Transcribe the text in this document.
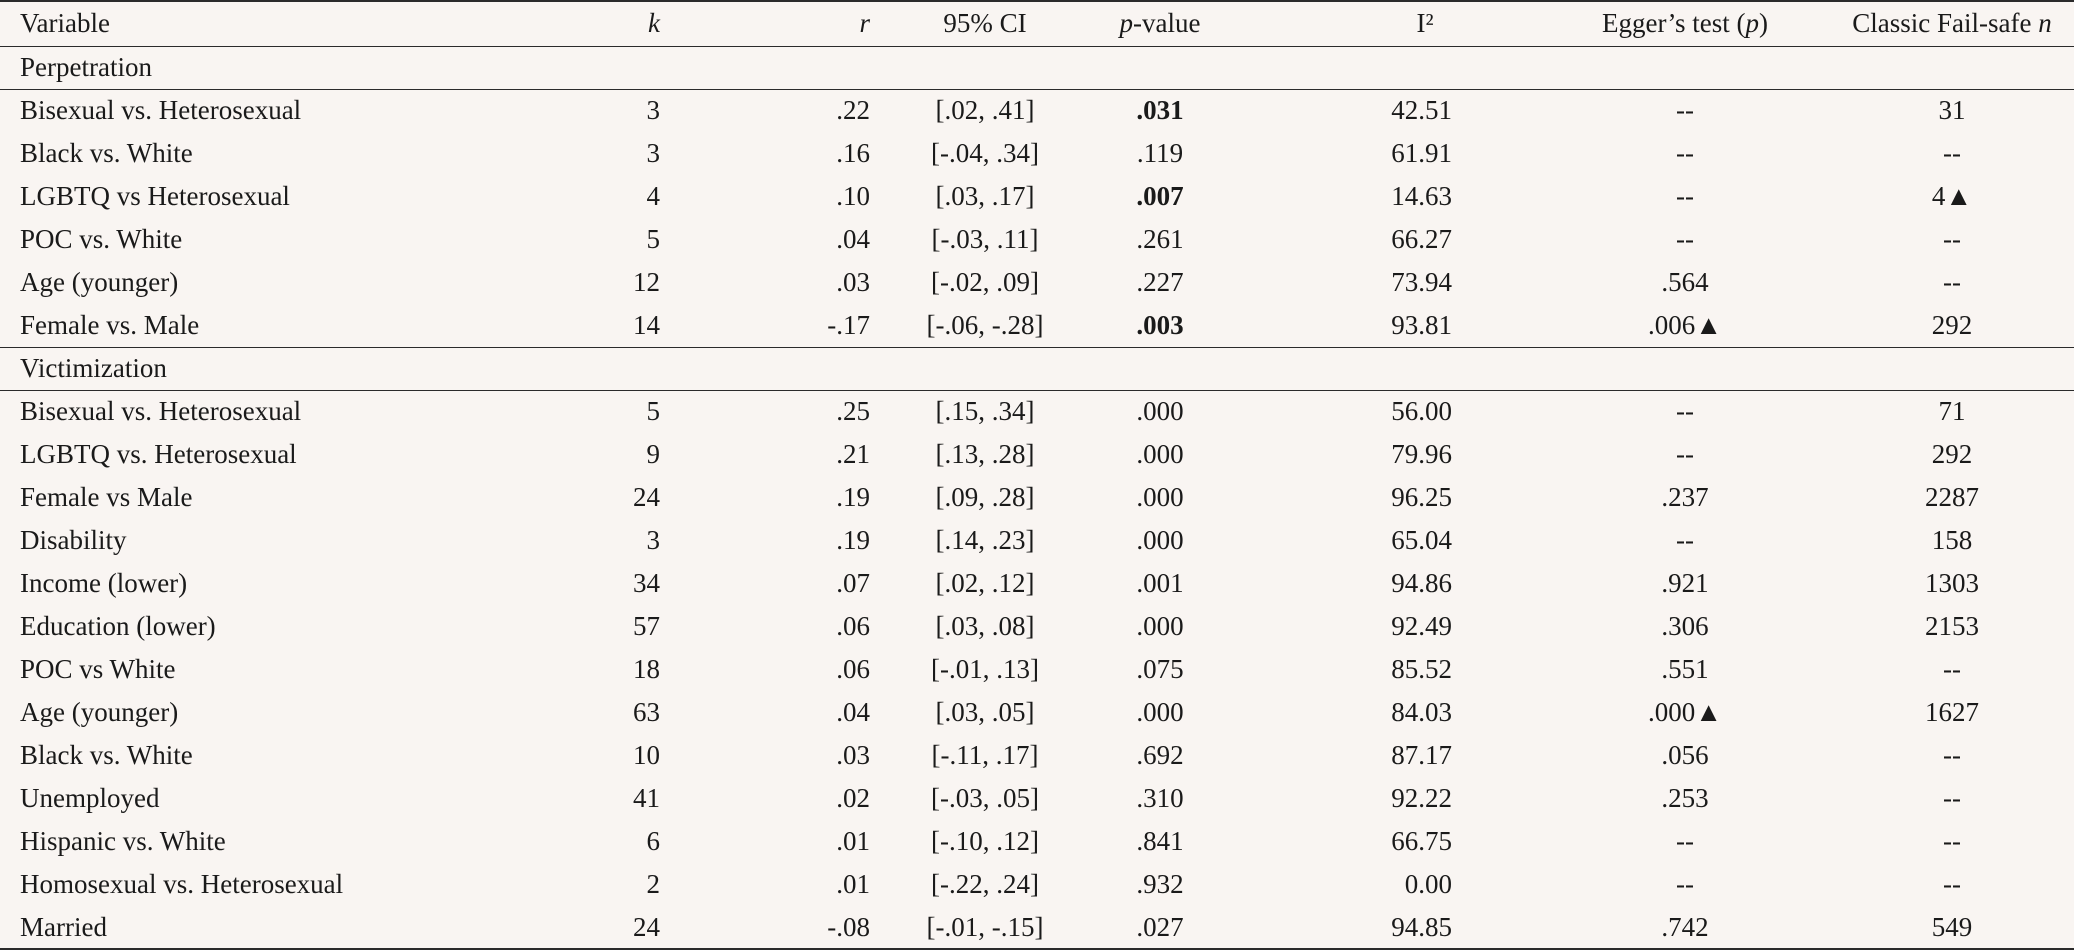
Variable	k	r	95% CI	p-value	I²	Egger’s test (p)	Classic Fail-safe n
Perpetration							
Bisexual vs. Heterosexual	3	.22	[.02, .41]	.031	42.51	--	31
Black vs. White	3	.16	[-.04, .34]	.119	61.91	--	--
LGBTQ vs Heterosexual	4	.10	[.03, .17]	.007	14.63	--	4▲
POC vs. White	5	.04	[-.03, .11]	.261	66.27	--	--
Age (younger)	12	.03	[-.02, .09]	.227	73.94	.564	--
Female vs. Male	14	-.17	[-.06, -.28]	.003	93.81	.006▲	292
Victimization							
Bisexual vs. Heterosexual	5	.25	[.15, .34]	.000	56.00	--	71
LGBTQ vs. Heterosexual	9	.21	[.13, .28]	.000	79.96	--	292
Female vs Male	24	.19	[.09, .28]	.000	96.25	.237	2287
Disability	3	.19	[.14, .23]	.000	65.04	--	158
Income (lower)	34	.07	[.02, .12]	.001	94.86	.921	1303
Education (lower)	57	.06	[.03, .08]	.000	92.49	.306	2153
POC vs White	18	.06	[-.01, .13]	.075	85.52	.551	--
Age (younger)	63	.04	[.03, .05]	.000	84.03	.000▲	1627
Black vs. White	10	.03	[-.11, .17]	.692	87.17	.056	--
Unemployed	41	.02	[-.03, .05]	.310	92.22	.253	--
Hispanic vs. White	6	.01	[-.10, .12]	.841	66.75	--	--
Homosexual vs. Heterosexual	2	.01	[-.22, .24]	.932	0.00	--	--
Married	24	-.08	[-.01, -.15]	.027	94.85	.742	549
